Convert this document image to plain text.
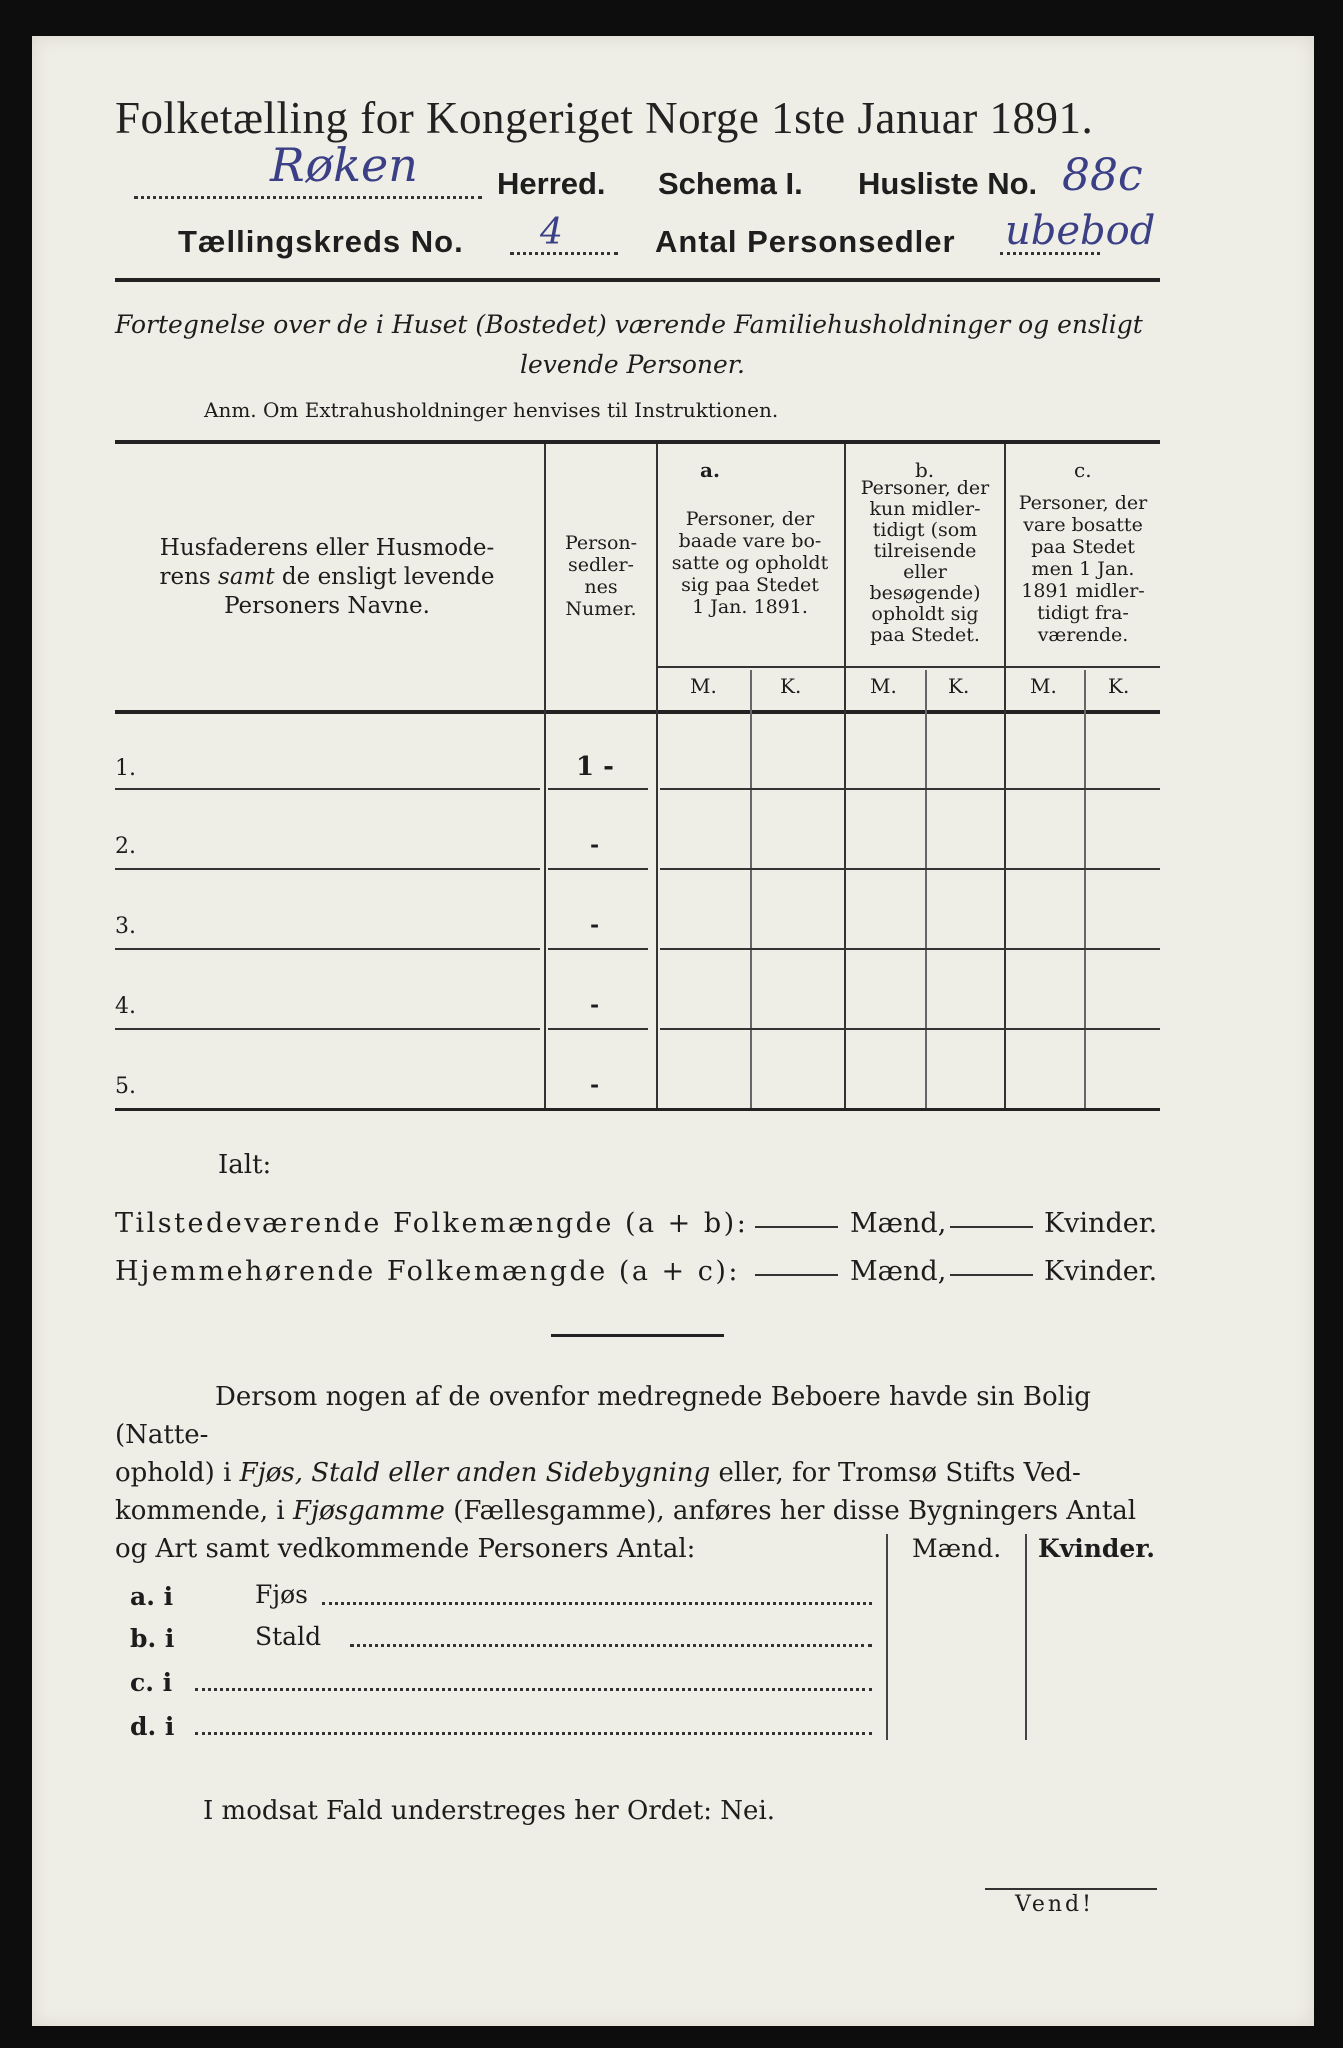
Folketælling for Kongeriget Norge 1ste Januar 1891.
Røken	Herred. Schema I. Husliste No. 88c
Tællingskreds No. 4	Antal Personsedler ubebod
Fortegnelse over de i Huset (Bostedet) værende Familiehusholdninger og ensligt
levende Personer.
Anm. Om Extrahusholdninger henvises til Instruktionen.
Husfaderens eller Husmode-
rens samt de ensligt levende
Personers Navne.
Person-
sedler-
nes
Numer.
a.
Personer, der
baade vare bo-
satte og opholdt
sig paa Stedet
1 Jan. 1891.
b.
Personer, der
kun midler-
tidigt (som
tilreisende
eller
besøgende)
opholdt sig
paa Stedet.
c.
Personer, der
vare bosatte
paa Stedet
men 1 Jan.
1891 midler-
tidigt fra-
værende.
M.	K.	M.	K.	M.	K.
1.	1 -
2.	-
3.	-
4.	-
5.	-
Ialt:
Tilstedeværende Folkemængde (a + b):	Mænd,	Kvinder.
Hjemmehørende Folkemængde (a + c):	Mænd,	Kvinder.
Dersom nogen af de ovenfor medregnede Beboere havde sin Bolig (Natte-
ophold) i Fjøs, Stald eller anden Sidebygning eller, for Tromsø Stifts Ved-
kommende, i Fjøsgamme (Fællesgamme), anføres her disse Bygningers Antal
og Art samt vedkommende Personers Antal:	Mænd. Kvinder.
a. i	Fjøs
b. i	Stald
c. i
d. i
I modsat Fald understreges her Ordet: Nei.
Vend!
